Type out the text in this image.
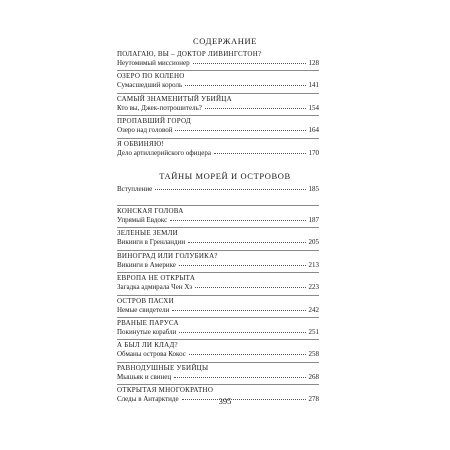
СОДЕРЖАНИЕ
ПОЛАГАЮ, ВЫ – ДОКТОР ЛИВИНГСТОН?
Неутомимый миссионер	128
ОЗЕРО ПО КОЛЕНО
Сумасшедший король	141
САМЫЙ ЗНАМЕНИТЫЙ УБИЙЦА
Кто вы, Джек-потрошитель?	154
ПРОПАВШИЙ ГОРОД
Озеро над головой	164
Я ОБВИНЯЮ!
Дело артиллерийского офицера	170
ТАЙНЫ МОРЕЙ И ОСТРОВОВ
Вступление	185
КОНСКАЯ ГОЛОВА
Упрямый Евдокс	187
ЗЕЛЕНЫЕ ЗЕМЛИ
Викинги в Гренландии	205
ВИНОГРАД ИЛИ ГОЛУБИКА?
Викинги в Америке	213
ЕВРОПА НЕ ОТКРЫТА
Загадка адмирала Чен Хэ	223
ОСТРОВ ПАСХИ
Немые свидетели	242
РВАНЫЕ ПАРУСА
Покинутые корабли	251
А БЫЛ ЛИ КЛАД?
Обманы острова Кокос	258
РАВНОДУШНЫЕ УБИЙЦЫ
Мышьяк и свинец	268
ОТКРЫТАЯ МНОГОКРАТНО
Следы в Антарктиде	278
395
